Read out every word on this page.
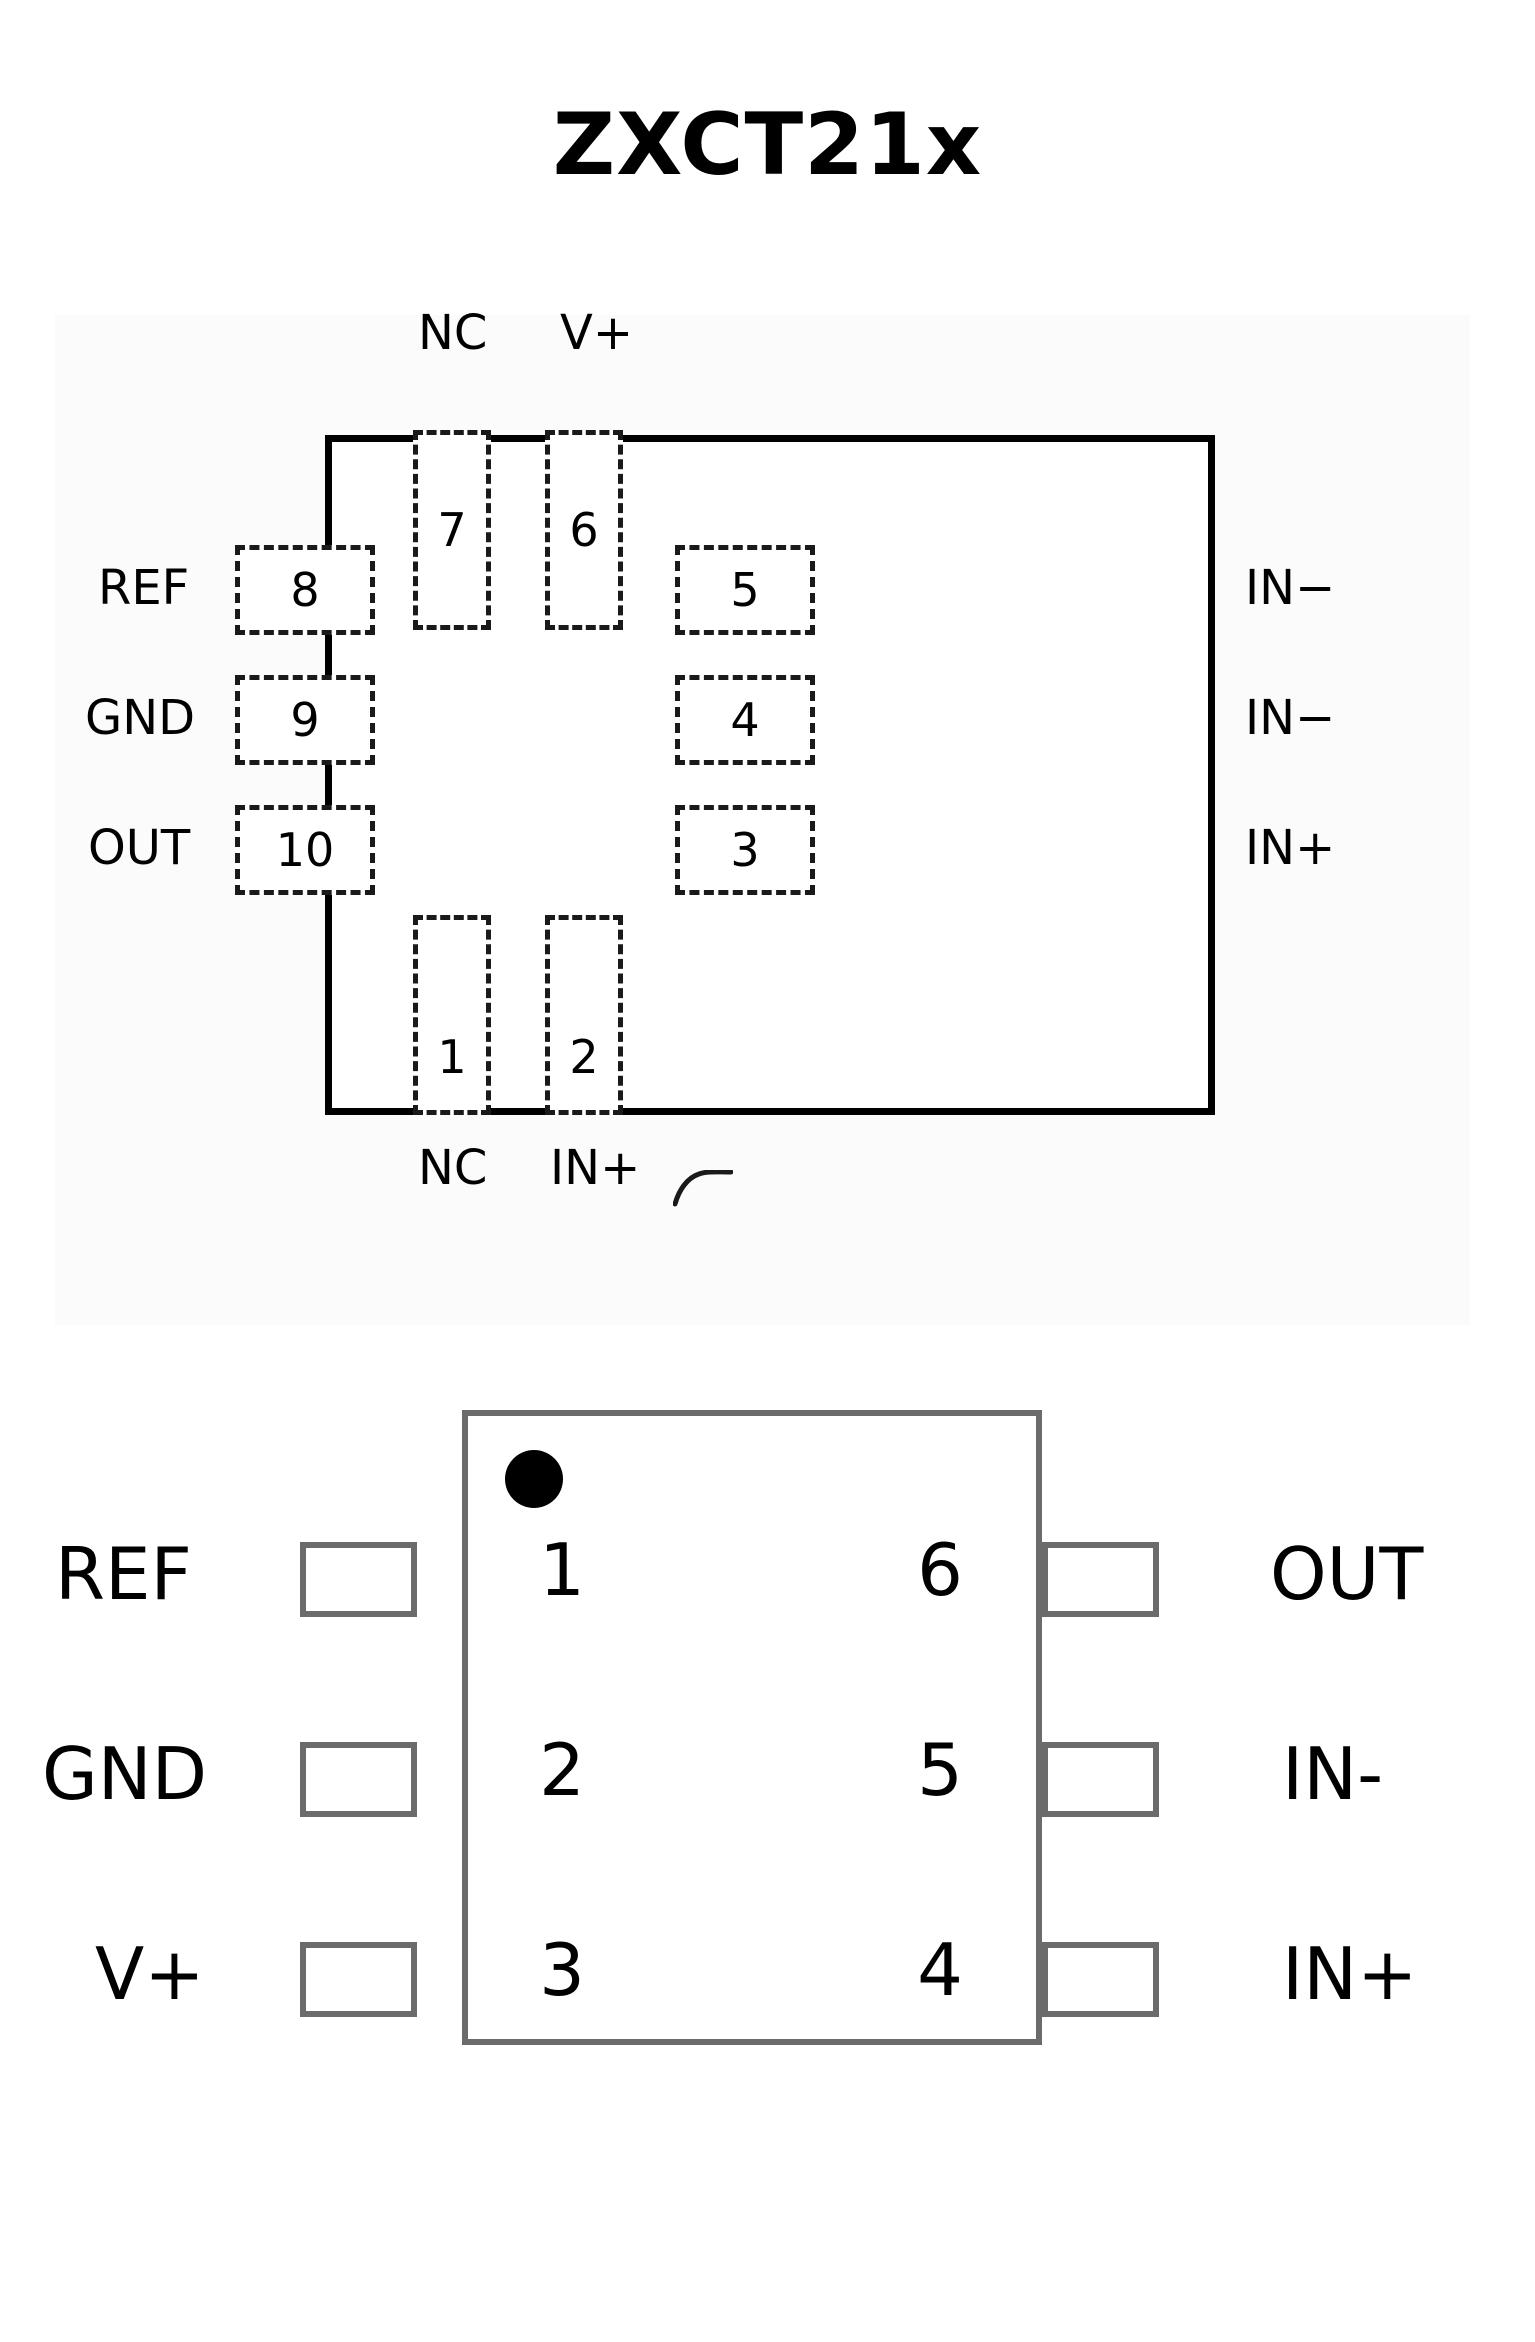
ZXCT21x
NC V+
7	6
8
9
10
5
4
3
1	2
REF
GND
OUT
IN−
IN−
IN+
NC IN+
1
2
3
6
5
4
REF
GND
V+
OUT
IN-
IN+
